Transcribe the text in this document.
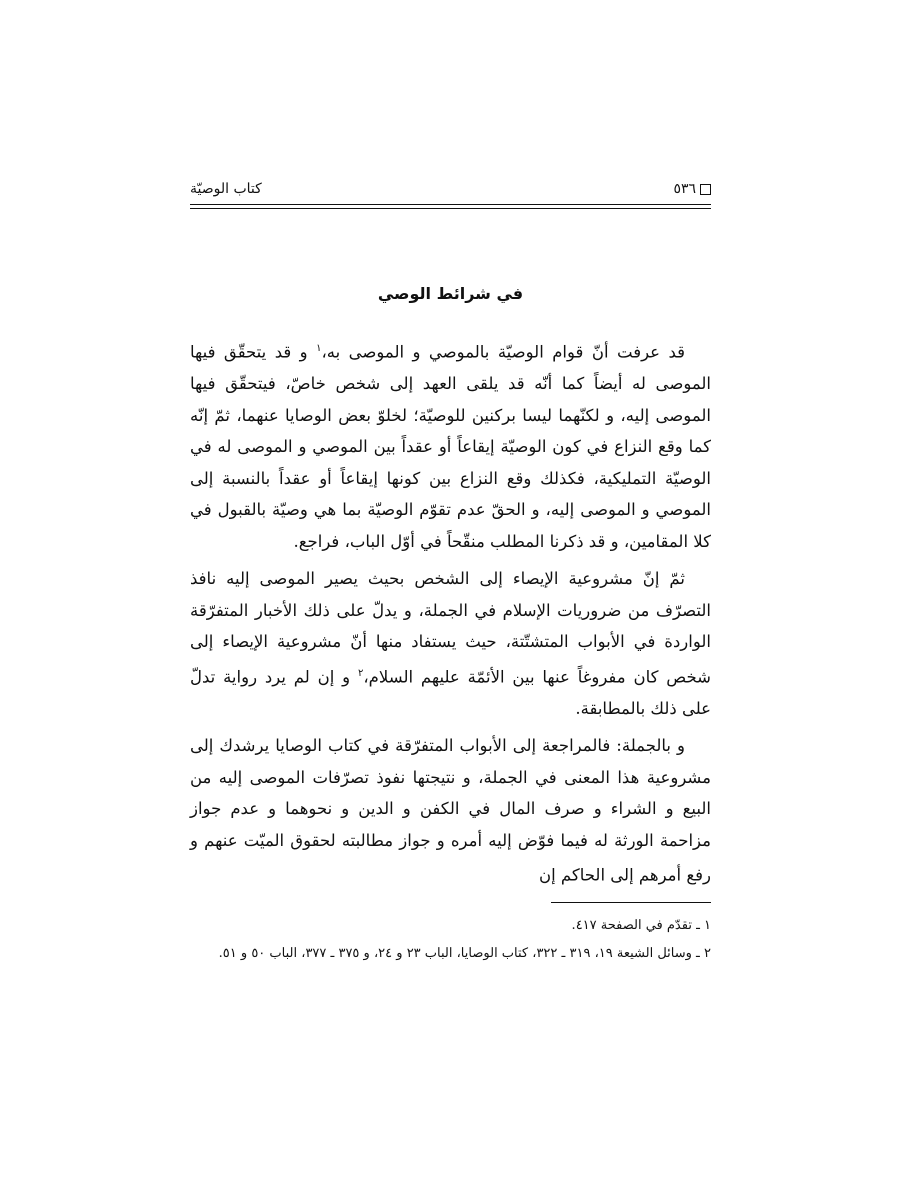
٥٣٦
كتاب الوصيّة
في شرائط الوصي

قد عرفت أنّ قوام الوصيّة بالموصي و الموصى به،$^١$ و قد يتحقّق فيها الموصى له أيضاً كما أنّه قد يلقى العهد إلى شخص خاصّ، فيتحقّق فيها الموصى إليه، و لكنّهما ليسا بركنين للوصيّة؛ لخلوّ بعض الوصايا عنهما، ثمّ إنّه كما وقع النزاع في كون الوصيّة إيقاعاً أو عقداً بين الموصي و الموصى له في الوصيّة التمليكية، فكذلك وقع النزاع بين كونها إيقاعاً أو عقداً بالنسبة إلى الموصي و الموصى إليه، و الحقّ عدم تقوّم الوصيّة بما هي وصيّة بالقبول في كلا المقامين، و قد ذكرنا المطلب منقّحاً في أوّل الباب، فراجع.

ثمّ إنّ مشروعية الإيصاء إلى الشخص بحيث يصير الموصى إليه نافذ التصرّف من ضروريات الإسلام في الجملة، و يدلّ على ذلك الأخبار المتفرّقة الواردة في الأبواب المتشتّتة، حيث يستفاد منها أنّ مشروعية الإيصاء إلى شخص كان مفروغاً عنها بين الأئمّة عليهم السلام،$^٢$ و إن لم يرد رواية تدلّ على ذلك بالمطابقة.

و بالجملة: فالمراجعة إلى الأبواب المتفرّقة في كتاب الوصايا يرشدك إلى مشروعية هذا المعنى في الجملة، و نتيجتها نفوذ تصرّفات الموصى إليه من البيع و الشراء و صرف المال في الكفن و الدين و نحوهما و عدم جواز مزاحمة الورثة له فيما فوّض إليه أمره و جواز مطالبته لحقوق الميّت عنهم و رفع أمرهم إلى الحاكم إن

١ ـ تقدّم في الصفحة ٤١٧.
٢ ـ وسائل الشيعة ١٩، ٣١٩ ـ ٣٢٢، كتاب الوصايا، الباب ٢٣ و ٢٤، و ٣٧٥ ـ ٣٧٧، الباب ٥٠ و ٥١.
